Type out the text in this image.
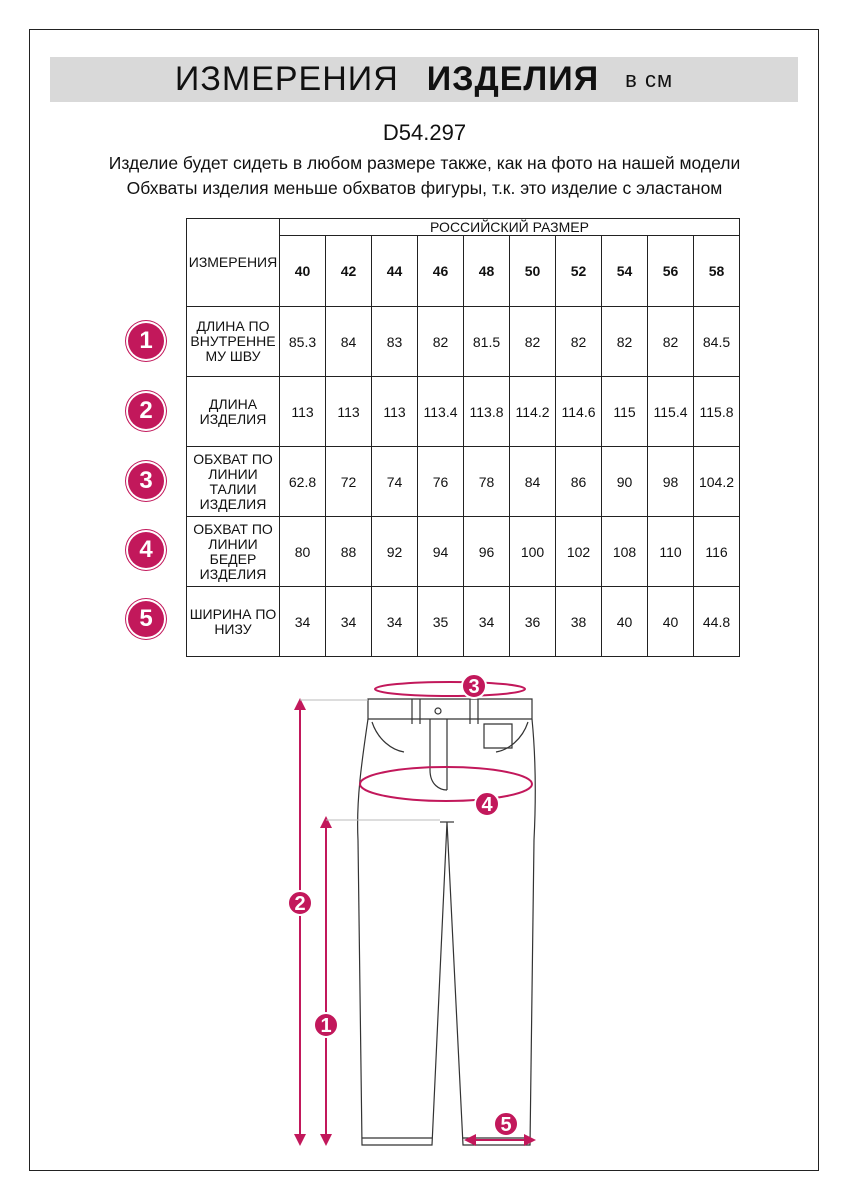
ИЗМЕРЕНИЯ ИЗДЕЛИЯ в см
D54.297
Изделие будет сидеть в любом размере также, как на фото на нашей модели
Обхваты изделия меньше обхватов фигуры, т.к. это изделие с эластаном
ИЗМЕРЕНИЯ	РОССИЙСКИЙ РАЗМЕР									
	40	42	44	46	48	50	52	54	56	58
ДЛИНА ПО
ВНУТРЕННЕ
МУ ШВУ	85.3	84	83	82	81.5	82	82	82	82	84.5
ДЛИНА
ИЗДЕЛИЯ	113	113	113	113.4	113.8	114.2	114.6	115	115.4	115.8
ОБХВАТ ПО
ЛИНИИ
ТАЛИИ
ИЗДЕЛИЯ	62.8	72	74	76	78	84	86	90	98	104.2
ОБХВАТ ПО
ЛИНИИ
БЕДЕР
ИЗДЕЛИЯ	80	88	92	94	96	100	102	108	110	116
ШИРИНА ПО
НИЗУ	34	34	34	35	34	36	38	40	40	44.8
1
2
3
4
5
3
4
2
1
5
